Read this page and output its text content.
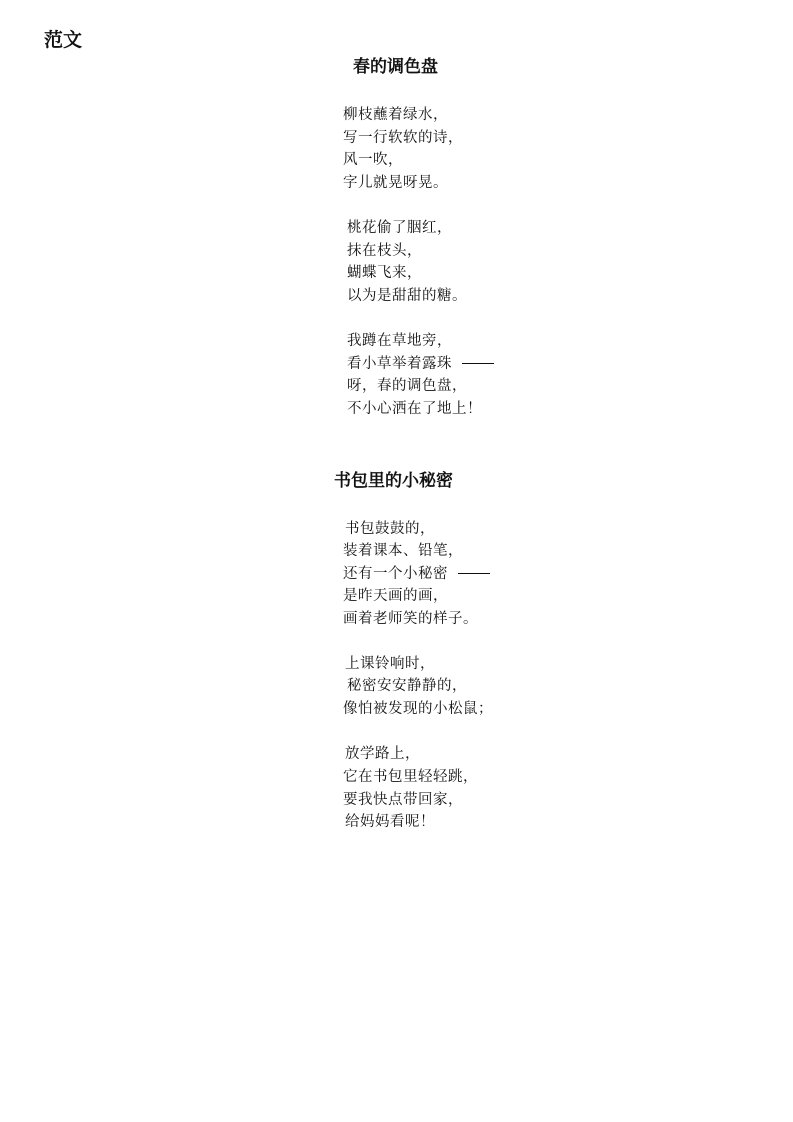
范文
春的调色盘
柳枝蘸着绿水，
写一行软软的诗，
风一吹，
字儿就晃呀晃。
桃花偷了胭红，
抹在枝头，
蝴蝶飞来，
以为是甜甜的糖。
我蹲在草地旁，
看小草举着露珠
呀，春的调色盘，
不小心洒在了地上！
书包里的小秘密
书包鼓鼓的，
装着课本、铅笔，
还有一个小秘密
是昨天画的画，
画着老师笑的样子。
上课铃响时，
秘密安安静静的，
像怕被发现的小松鼠；
放学路上，
它在书包里轻轻跳，
要我快点带回家，
给妈妈看呢！
